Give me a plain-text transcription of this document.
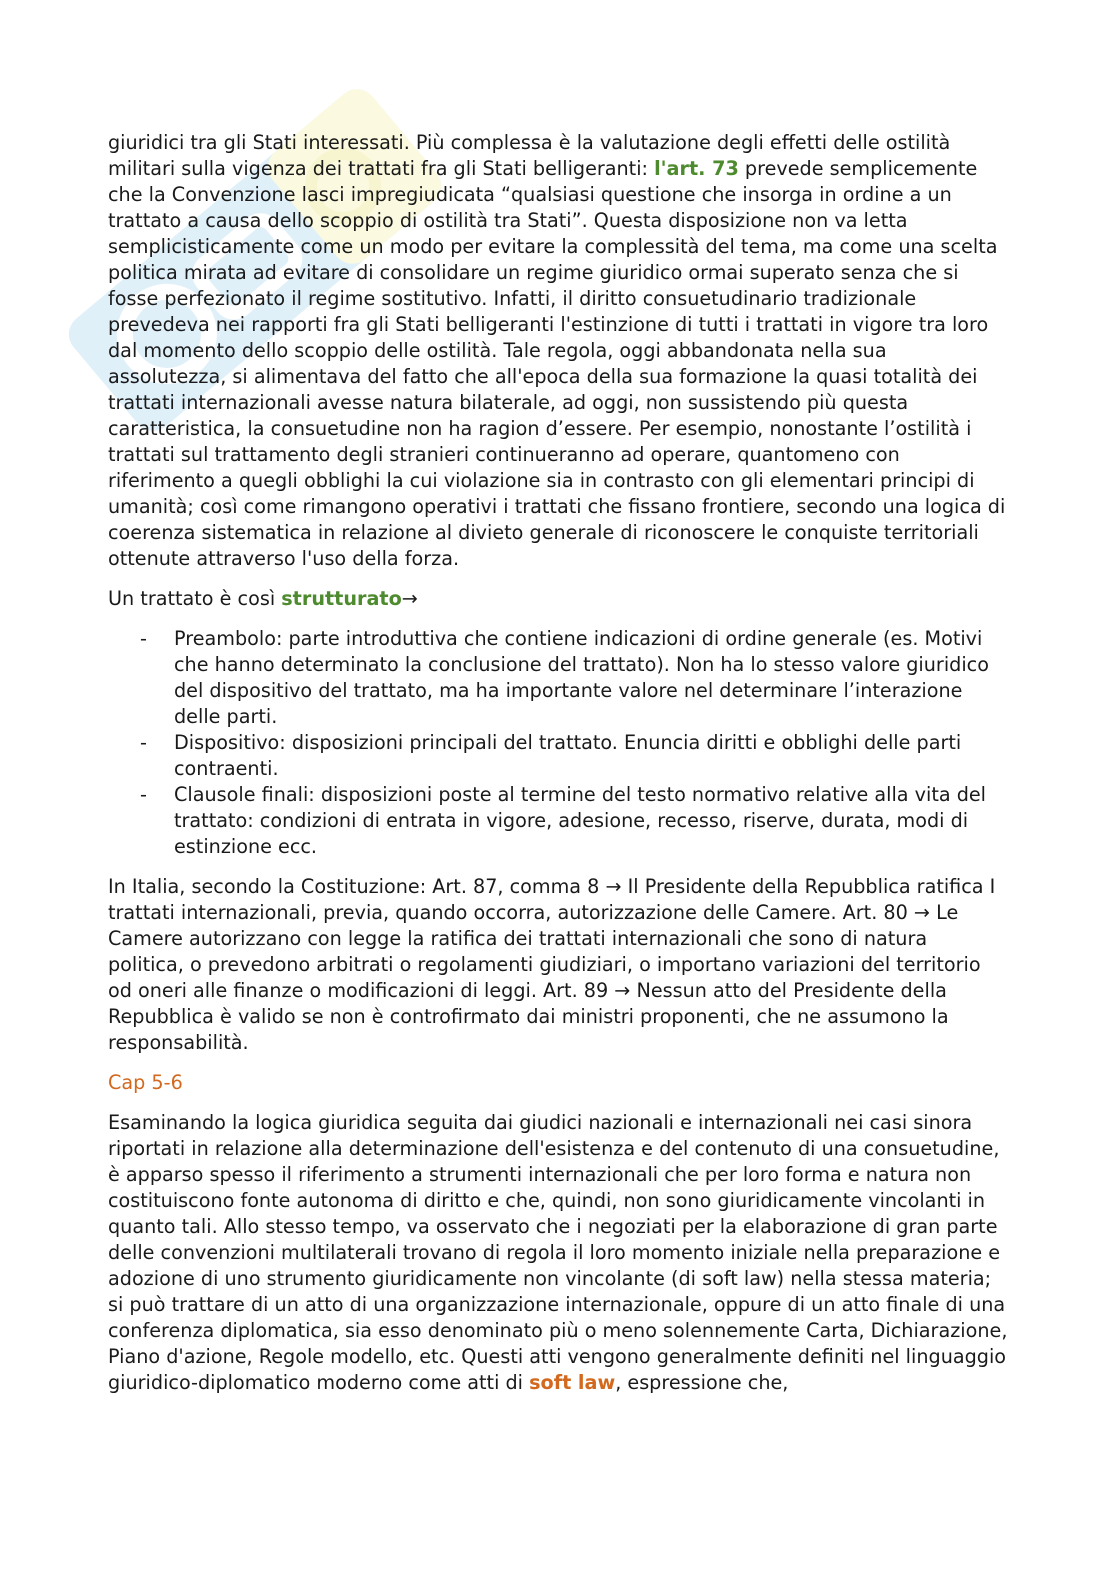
giuridici tra gli Stati interessati. Più complessa è la valutazione degli effetti delle ostilità militari sulla vigenza dei trattati fra gli Stati belligeranti: l'art. 73 prevede semplicemente che la Convenzione lasci impregiudicata “qualsiasi questione che insorga in ordine a un trattato a causa dello scoppio di ostilità tra Stati”. Questa disposizione non va letta semplicisticamente come un modo per evitare la complessità del tema, ma come una scelta politica mirata ad evitare di consolidare un regime giuridico ormai superato senza che si fosse perfezionato il regime sostitutivo. Infatti, il diritto consuetudinario tradizionale prevedeva nei rapporti fra gli Stati belligeranti l'estinzione di tutti i trattati in vigore tra loro dal momento dello scoppio delle ostilità. Tale regola, oggi abbandonata nella sua assolutezza, si alimentava del fatto che all'epoca della sua formazione la quasi totalità dei trattati internazionali avesse natura bilaterale, ad oggi, non sussistendo più questa caratteristica, la consuetudine non ha ragion d’essere. Per esempio, nonostante l’ostilità i trattati sul trattamento degli stranieri continueranno ad operare, quantomeno con riferimento a quegli obblighi la cui violazione sia in contrasto con gli elementari principi di umanità; così come rimangono operativi i trattati che fissano frontiere, secondo una logica di coerenza sistematica in relazione al divieto generale di riconoscere le conquiste territoriali ottenute attraverso l'uso della forza.

Un trattato è così strutturato→

- Preambolo: parte introduttiva che contiene indicazioni di ordine generale (es. Motivi che hanno determinato la conclusione del trattato). Non ha lo stesso valore giuridico del dispositivo del trattato, ma ha importante valore nel determinare l’interazione delle parti.
- Dispositivo: disposizioni principali del trattato. Enuncia diritti e obblighi delle parti contraenti.
- Clausole finali: disposizioni poste al termine del testo normativo relative alla vita del trattato: condizioni di entrata in vigore, adesione, recesso, riserve, durata, modi di estinzione ecc.

In Italia, secondo la Costituzione: Art. 87, comma 8 → Il Presidente della Repubblica ratifica I trattati internazionali, previa, quando occorra, autorizzazione delle Camere. Art. 80 → Le Camere autorizzano con legge la ratifica dei trattati internazionali che sono di natura politica, o prevedono arbitrati o regolamenti giudiziari, o importano variazioni del territorio od oneri alle finanze o modificazioni di leggi. Art. 89 → Nessun atto del Presidente della Repubblica è valido se non è controfirmato dai ministri proponenti, che ne assumono la responsabilità.

Cap 5-6

Esaminando la logica giuridica seguita dai giudici nazionali e internazionali nei casi sinora riportati in relazione alla determinazione dell'esistenza e del contenuto di una consuetudine, è apparso spesso il riferimento a strumenti internazionali che per loro forma e natura non costituiscono fonte autonoma di diritto e che, quindi, non sono giuridicamente vincolanti in quanto tali. Allo stesso tempo, va osservato che i negoziati per la elaborazione di gran parte delle convenzioni multilaterali trovano di regola il loro momento iniziale nella preparazione e adozione di uno strumento giuridicamente non vincolante (di soft law) nella stessa materia; si può trattare di un atto di una organizzazione internazionale, oppure di un atto finale di una conferenza diplomatica, sia esso denominato più o meno solennemente Carta, Dichiarazione, Piano d'azione, Regole modello, etc. Questi atti vengono generalmente definiti nel linguaggio giuridico-diplomatico moderno come atti di soft law, espressione che,
